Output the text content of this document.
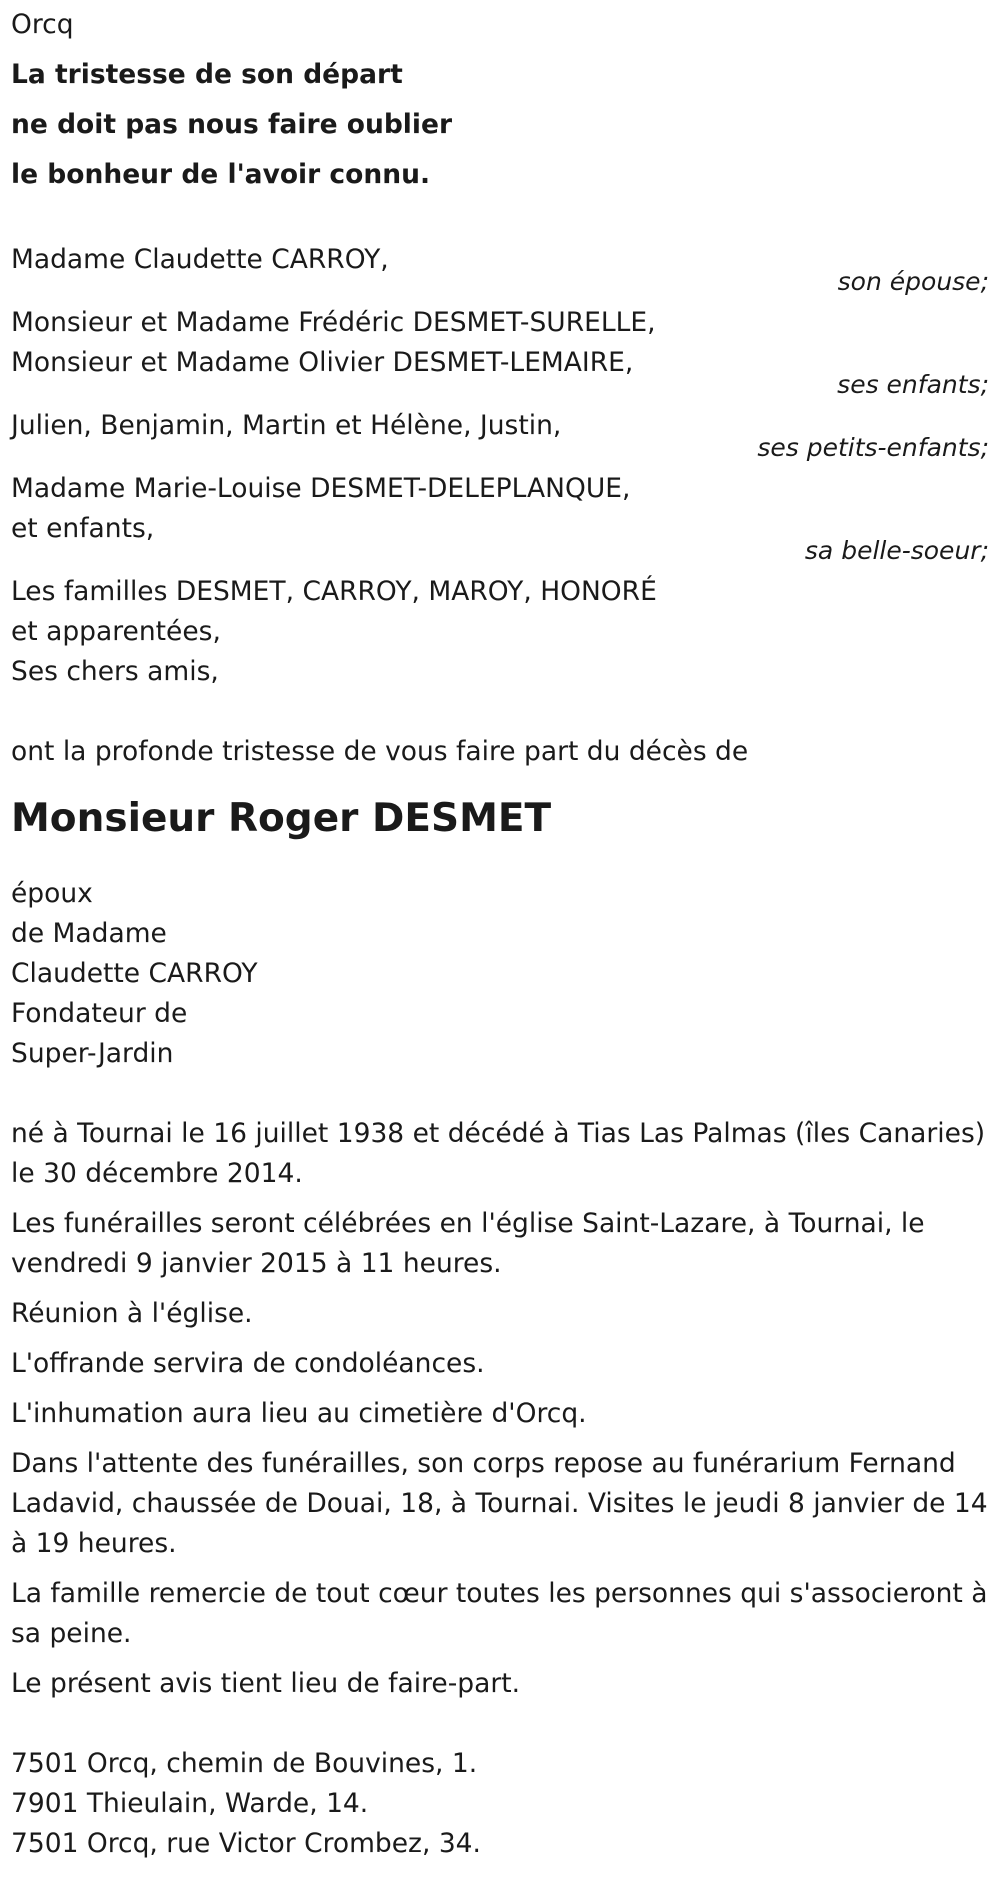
Orcq
La tristesse de son départ
ne doit pas nous faire oublier
le bonheur de l'avoir connu.
Madame Claudette CARROY,
son épouse;
Monsieur et Madame Frédéric DESMET-SURELLE,
Monsieur et Madame Olivier DESMET-LEMAIRE,
ses enfants;
Julien, Benjamin, Martin et Hélène, Justin,
ses petits-enfants;
Madame Marie-Louise DESMET-DELEPLANQUE,
et enfants,
sa belle-soeur;
Les familles DESMET, CARROY, MAROY, HONORÉ
et apparentées,
Ses chers amis,
ont la profonde tristesse de vous faire part du décès de
Monsieur Roger DESMET
époux
de Madame
Claudette CARROY
Fondateur de
Super-Jardin
né à Tournai le 16 juillet 1938 et décédé à Tias Las Palmas (îles Canaries) le 30 décembre 2014.
Les funérailles seront célébrées en l'église Saint-Lazare, à Tournai, le vendredi 9 janvier 2015 à 11 heures.
Réunion à l'église.
L'offrande servira de condoléances.
L'inhumation aura lieu au cimetière d'Orcq.
Dans l'attente des funérailles, son corps repose au funérarium Fernand Ladavid, chaussée de Douai, 18, à Tournai. Visites le jeudi 8 janvier de 14 à 19 heures.
La famille remercie de tout cœur toutes les personnes qui s'associeront à sa peine.
Le présent avis tient lieu de faire-part.
7501 Orcq, chemin de Bouvines, 1.
7901 Thieulain, Warde, 14.
7501 Orcq, rue Victor Crombez, 34.
